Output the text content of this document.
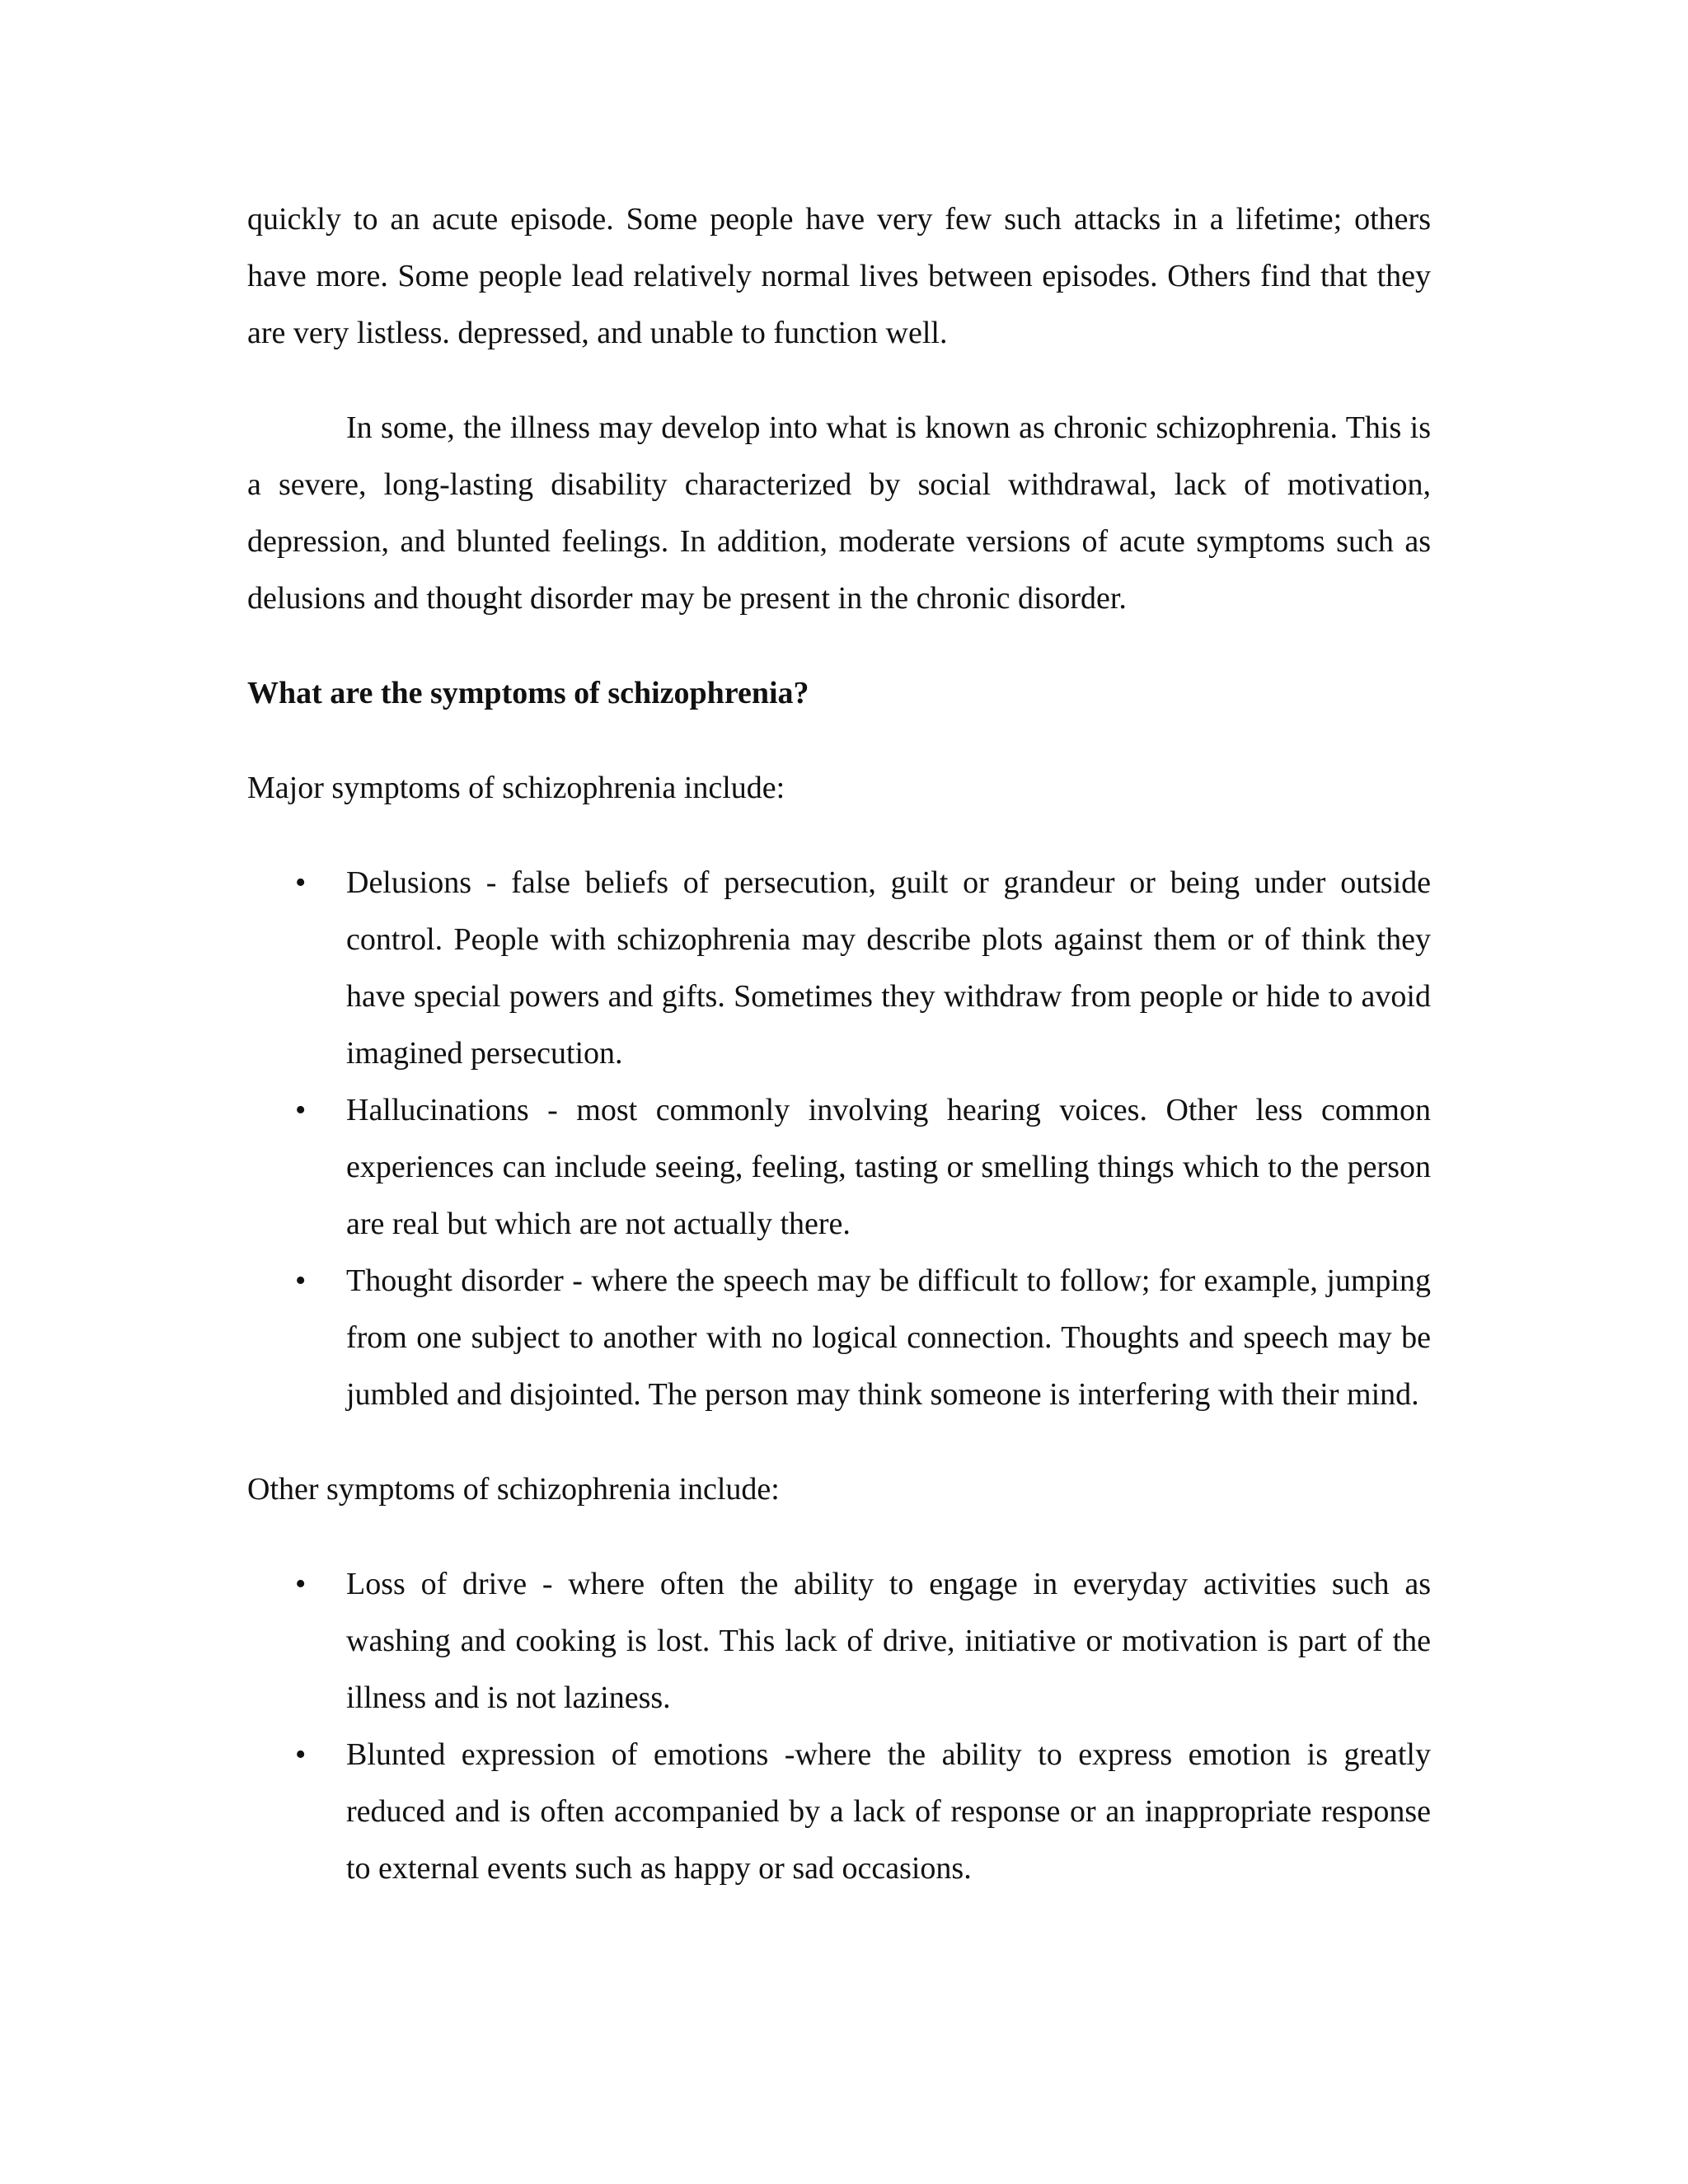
quickly to an acute episode. Some people have very few such attacks in a lifetime; others have more. Some people lead relatively normal lives between episodes. Others find that they are very listless. depressed, and unable to function well.

In some, the illness may develop into what is known as chronic schizophrenia. This is a severe, long-lasting disability characterized by social withdrawal, lack of motivation, depression, and blunted feelings. In addition, moderate versions of acute symptoms such as delusions and thought disorder may be present in the chronic disorder.

What are the symptoms of schizophrenia?

Major symptoms of schizophrenia include:

•	Delusions - false beliefs of persecution, guilt or grandeur or being under outside control. People with schizophrenia may describe plots against them or of think they have special powers and gifts. Sometimes they withdraw from people or hide to avoid imagined persecution.
•	Hallucinations - most commonly involving hearing voices. Other less common experiences can include seeing, feeling, tasting or smelling things which to the person are real but which are not actually there.
•	Thought disorder - where the speech may be difficult to follow; for example, jumping from one subject to another with no logical connection. Thoughts and speech may be jumbled and disjointed. The person may think someone is interfering with their mind.

Other symptoms of schizophrenia include:

•	Loss of drive - where often the ability to engage in everyday activities such as washing and cooking is lost. This lack of drive, initiative or motivation is part of the illness and is not laziness.
•	Blunted expression of emotions -where the ability to express emotion is greatly reduced and is often accompanied by a lack of response or an inappropriate response to external events such as happy or sad occasions.
